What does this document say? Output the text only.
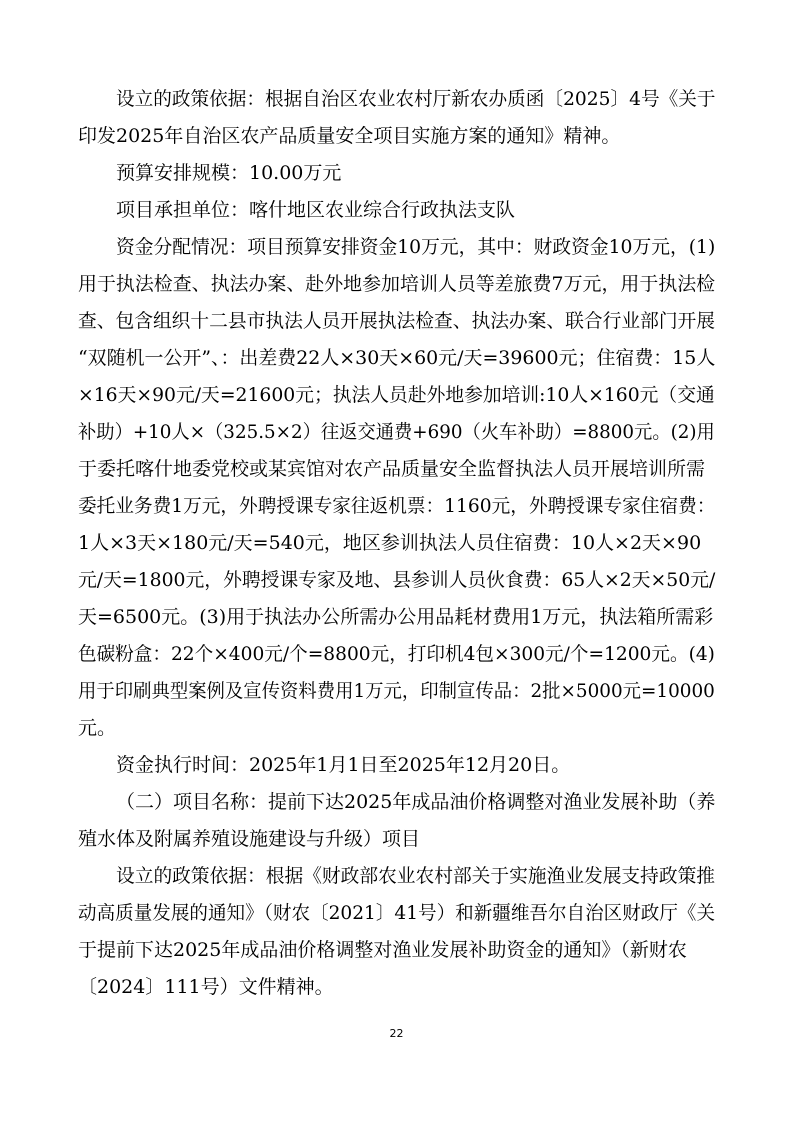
设立的政策依据：根据自治区农业农村厅新农办质函〔2025〕4号《关于

印发2025年自治区农产品质量安全项目实施方案的通知》精神。

预算安排规模：10.00万元

项目承担单位：喀什地区农业综合行政执法支队

资金分配情况：项目预算安排资金10万元，其中：财政资金10万元，(1)

用于执法检查、执法办案、赴外地参加培训人员等差旅费7万元，用于执法检

查、包含组织十二县市执法人员开展执法检查、执法办案、联合行业部门开展

“双随机一公开”、：出差费22人×30天×60元/天=39600元；住宿费：15人

×16天×90元/天=21600元；执法人员赴外地参加培训:10人×160元（交通

补助）+10人×（325.5×2）往返交通费+690（火车补助）=8800元。(2)用

于委托喀什地委党校或某宾馆对农产品质量安全监督执法人员开展培训所需

委托业务费1万元，外聘授课专家往返机票：1160元，外聘授课专家住宿费：

1人×3天×180元/天=540元，地区参训执法人员住宿费：10人×2天×90

元/天=1800元，外聘授课专家及地、县参训人员伙食费：65人×2天×50元/

天=6500元。(3)用于执法办公所需办公用品耗材费用1万元，执法箱所需彩

色碳粉盒：22个×400元/个=8800元，打印机4包×300元/个=1200元。(4)

用于印刷典型案例及宣传资料费用1万元，印制宣传品：2批×5000元=10000

元。

资金执行时间：2025年1月1日至2025年12月20日。

（二）项目名称：提前下达2025年成品油价格调整对渔业发展补助（养

殖水体及附属养殖设施建设与升级）项目

设立的政策依据：根据《财政部农业农村部关于实施渔业发展支持政策推

动高质量发展的通知》（财农〔2021〕41号）和新疆维吾尔自治区财政厅《关

于提前下达2025年成品油价格调整对渔业发展补助资金的通知》（新财农

〔2024〕111号）文件精神。

22
